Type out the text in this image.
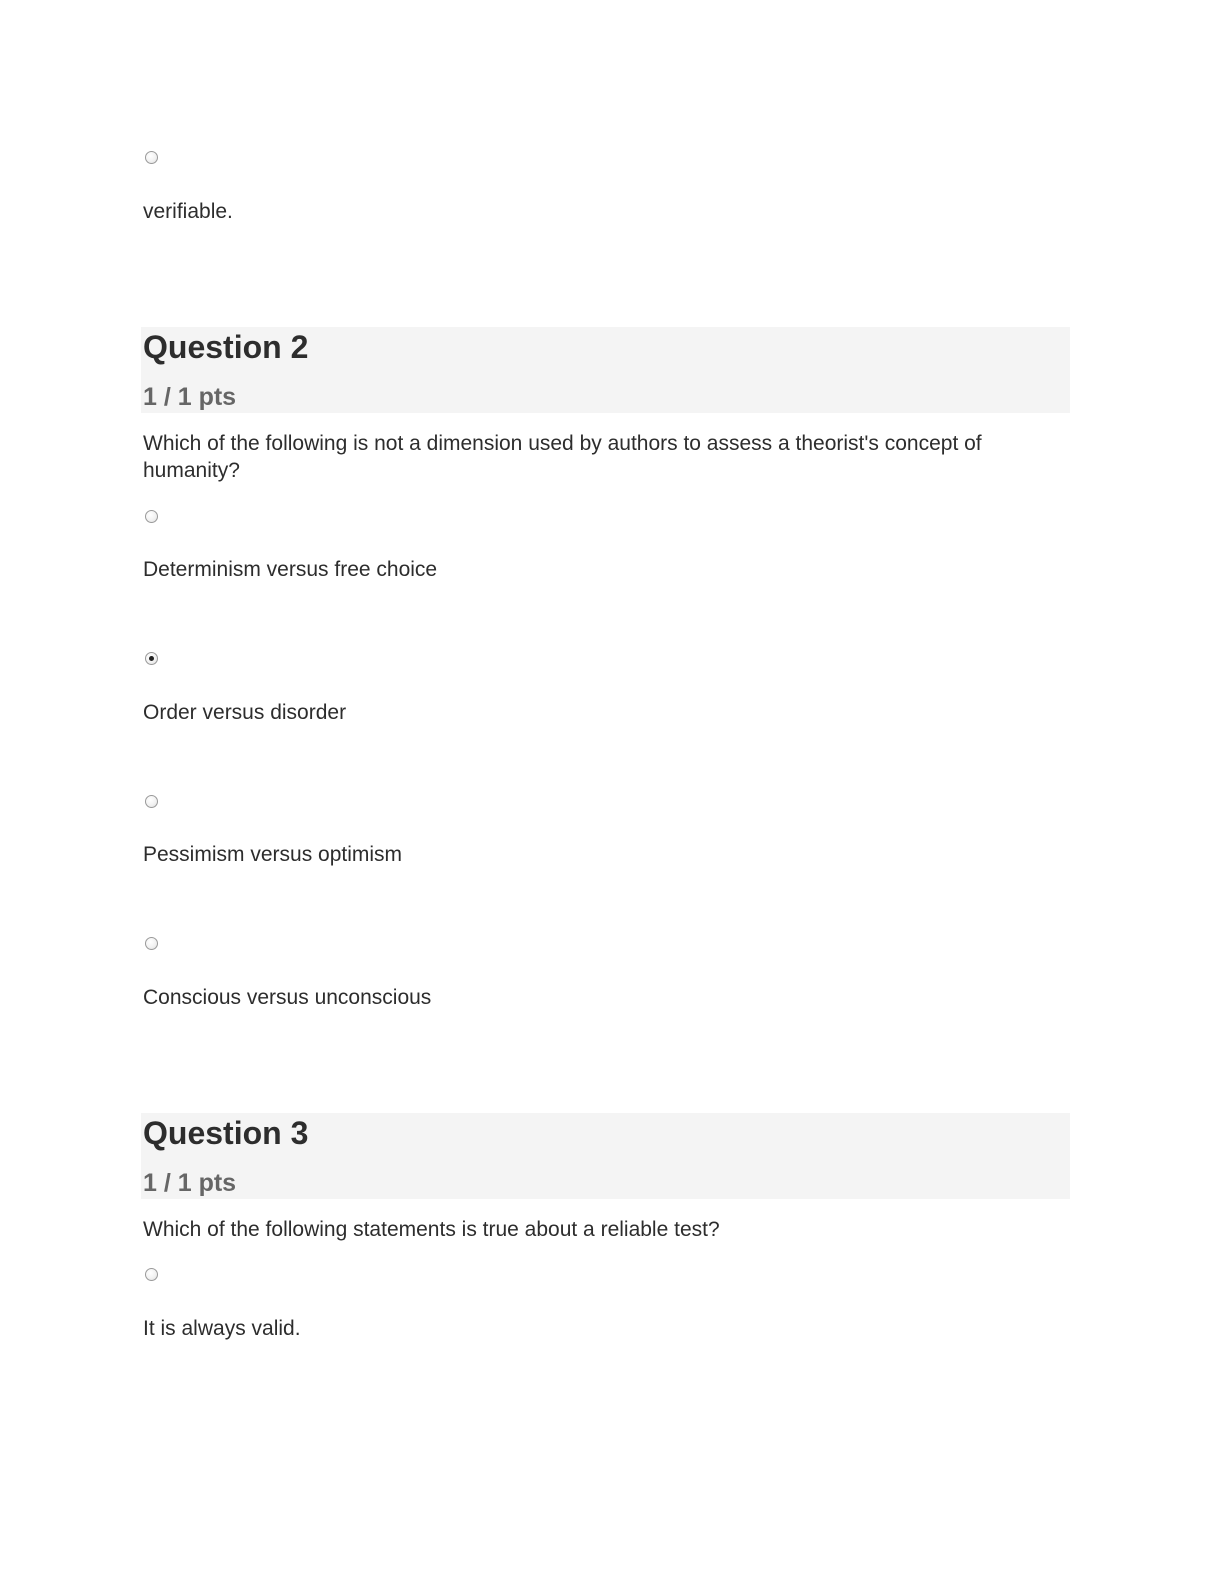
verifiable.
Question 2
1 / 1 pts
Which of the following is not a dimension used by authors to assess a theorist's concept of humanity?
Determinism versus free choice
Order versus disorder
Pessimism versus optimism
Conscious versus unconscious
Question 3
1 / 1 pts
Which of the following statements is true about a reliable test?
It is always valid.
